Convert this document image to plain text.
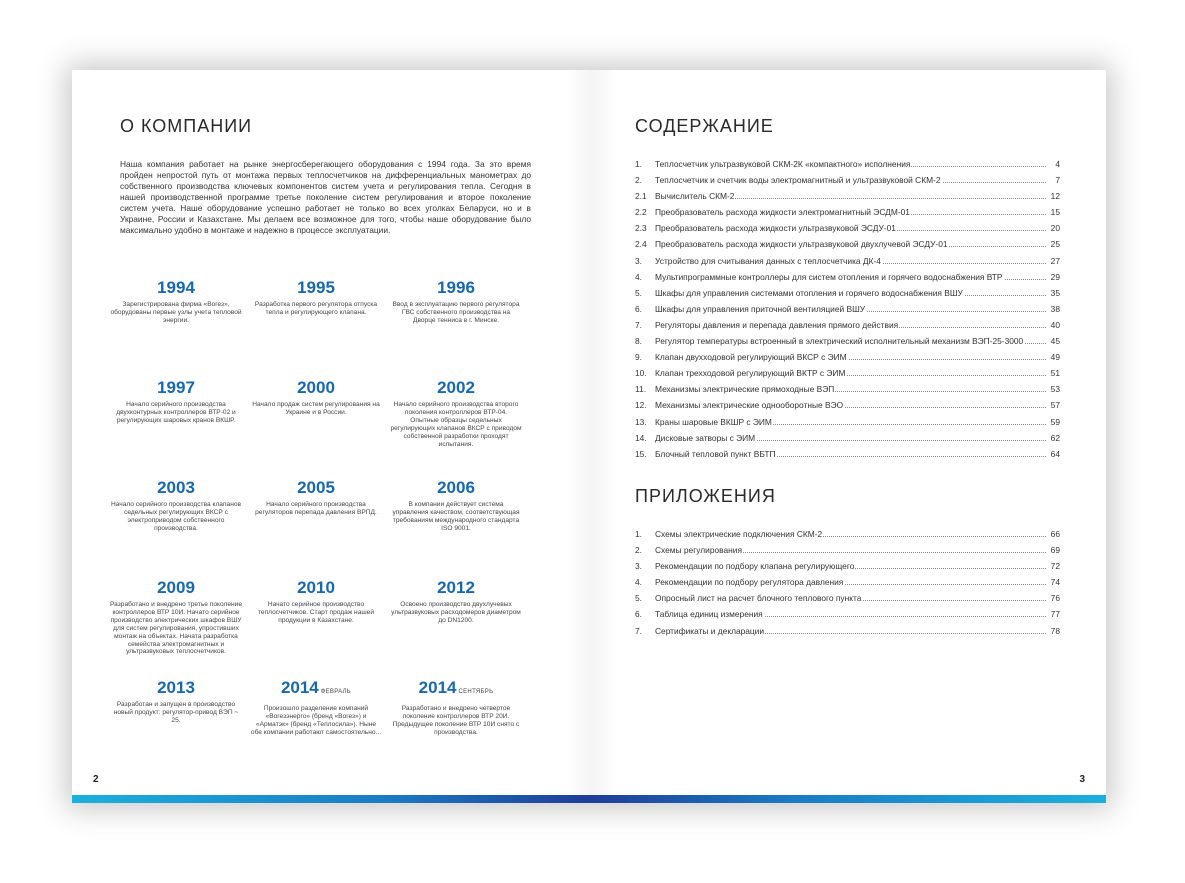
О КОМПАНИИ
Наша компания работает на рынке энергосберегающего оборудования с 1994 года. За это время пройден непростой путь от монтажа первых теплосчетчиков на дифференциальных манометрах до собственного производства ключевых компонентов систем учета и регулирования тепла. Сегодня в нашей производственной программе третье поколение систем регулирования и второе поколение систем учета. Наше оборудование успешно работает не только во всех уголках Беларуси, но и в Украине, России и Казахстане. Мы делаем все возможное для того, чтобы наше оборудование было максимально удобно в монтаже и надежно в процессе эксплуатации.
1994
Зарегистрирована фирма «Вогез», оборудованы первые узлы учета тепловой энергии.
1995
Разработка первого регулятора отпуска тепла и регулирующего клапана.
1996
Ввод в эксплуатацию первого регулятора ГВС собственного производства на Дворце тенниса в г. Минске.
1997
Начало серийного производства двухконтурных контроллеров ВТР-02 и регулирующих шаровых кранов ВКШР.
2000
Начало продаж систем регулирования на Украине и в России.
2002
Начало серийного производства второго поколения контроллеров ВТР-04. Опытные образцы седельных регулирующих клапанов ВКСР с приводом собственной разработки проходят испытания.
2003
Начало серийного производства клапанов седельных регулирующих ВКСР с электроприводом собственного производства.
2005
Начало серийного производства регуляторов перепада давления ВРПД.
2006
В компании действует система управления качеством, соответствующая требованиям международного стандарта ISO 9001.
2009
Разработано и внедрено третье поколение контроллеров ВТР 10И. Начато серийное производство электрических шкафов ВШУ для систем регулирования, упростивших монтаж на объектах. Начата разработка семейства электромагнитных и ультразвуковых теплосчетчиков.
2010
Начато серийное производство теплосчетчиков. Старт продаж нашей продукции в Казахстане.
2012
Освоено производство двухлучевых ультразвуковых расходомеров диаметром до DN1200.
2013
Разработан и запущен в производство новый продукт: регулятор-привод ВЭП ~ 25.
2014 ФЕВРАЛЬ
Произошло разделение компаний «Вогезэнерго» (бренд «Вогез») и «Арматэк» (бренд «Теплосила»). Ныне обе компании работают самостоятельно...
2014 СЕНТЯБРЬ
Разработано и внедрено четвертое поколение контроллеров ВТР 20И. Предыдущее поколение ВТР 10И снято с производства.
2
СОДЕРЖАНИЕ
1. Теплосчетчик ультразвуковой СКМ-2К «компактного» исполнения	4
2. Теплосчетчик и счетчик воды электромагнитный и ультразвуковой СКМ-2	7
2.1 Вычислитель СКМ-2	12
2.2 Преобразователь расхода жидкости электромагнитный ЭСДМ-01	15
2.3 Преобразователь расхода жидкости ультразвуковой ЭСДУ-01	20
2.4 Преобразователь расхода жидкости ультразвуковой двухлучевой ЭСДУ-01	25
3. Устройство для считывания данных с теплосчетчика ДК-4	27
4. Мультипрограммные контроллеры для систем отопления и горячего водоснабжения ВТР	29
5. Шкафы для управления системами отопления и горячего водоснабжения ВШУ	35
6. Шкафы для управления приточной вентиляцией ВШУ	38
7. Регуляторы давления и перепада давления прямого действия	40
8. Регулятор температуры встроенный в электрический исполнительный механизм ВЭП-25-3000	45
9. Клапан двухходовой регулирующий ВКСР с ЭИМ	49
10. Клапан трехходовой регулирующий ВКТР с ЭИМ	51
11. Механизмы электрические прямоходные ВЭП	53
12. Механизмы электрические однооборотные ВЭО	57
13. Краны шаровые ВКШР с ЭИМ	59
14. Дисковые затворы с ЭИМ	62
15. Блочный тепловой пункт ВБТП	64
ПРИЛОЖЕНИЯ
1. Схемы электрические подключения СКМ-2	66
2. Схемы регулирования	69
3. Рекомендации по подбору клапана регулирующего	72
4. Рекомендации по подбору регулятора давления	74
5. Опросный лист на расчет блочного теплового пункта	76
6. Таблица единиц измерения	77
7. Сертификаты и декларации	78
3
